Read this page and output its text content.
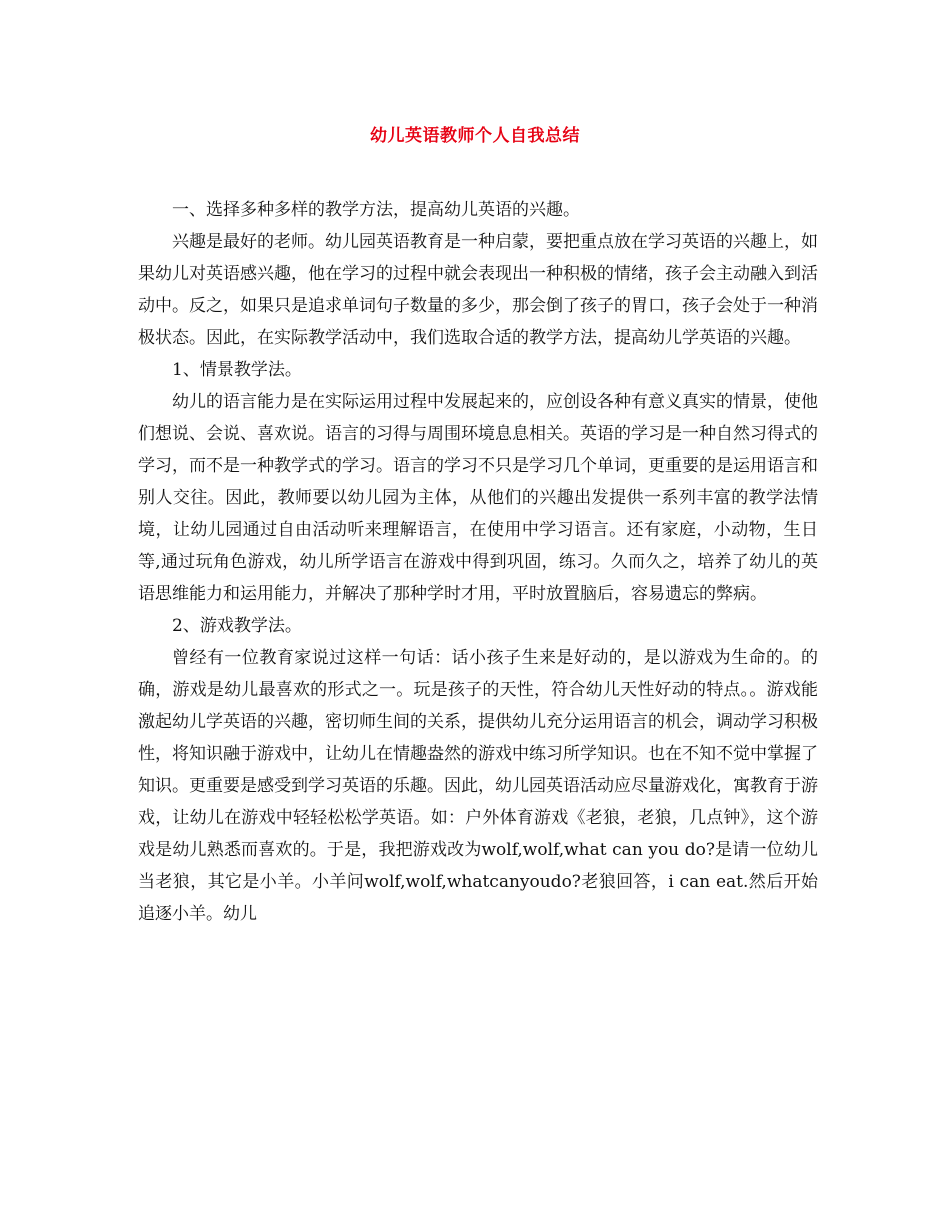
幼儿英语教师个人自我总结

一、选择多种多样的教学方法，提高幼儿英语的兴趣。

兴趣是最好的老师。幼儿园英语教育是一种启蒙，要把重点放在学习英语的兴趣上，如果幼儿对英语感兴趣，他在学习的过程中就会表现出一种积极的情绪，孩子会主动融入到活动中。反之，如果只是追求单词句子数量的多少，那会倒了孩子的胃口，孩子会处于一种消极状态。因此，在实际教学活动中，我们选取合适的教学方法，提高幼儿学英语的兴趣。

1、情景教学法。

幼儿的语言能力是在实际运用过程中发展起来的，应创设各种有意义真实的情景，使他们想说、会说、喜欢说。语言的习得与周围环境息息相关。英语的学习是一种自然习得式的学习，而不是一种教学式的学习。语言的学习不只是学习几个单词，更重要的是运用语言和别人交往。因此，教师要以幼儿园为主体，从他们的兴趣出发提供一系列丰富的教学法情境，让幼儿园通过自由活动听来理解语言，在使用中学习语言。还有家庭，小动物，生日等,通过玩角色游戏，幼儿所学语言在游戏中得到巩固，练习。久而久之，培养了幼儿的英语思维能力和运用能力，并解决了那种学时才用，平时放置脑后，容易遗忘的弊病。

2、游戏教学法。

曾经有一位教育家说过这样一句话：话小孩子生来是好动的，是以游戏为生命的。的确，游戏是幼儿最喜欢的形式之一。玩是孩子的天性，符合幼儿天性好动的特点。。游戏能激起幼儿学英语的兴趣，密切师生间的关系，提供幼儿充分运用语言的机会，调动学习积极性，将知识融于游戏中，让幼儿在情趣盎然的游戏中练习所学知识。也在不知不觉中掌握了知识。更重要是感受到学习英语的乐趣。因此，幼儿园英语活动应尽量游戏化，寓教育于游戏，让幼儿在游戏中轻轻松松学英语。如：户外体育游戏《老狼，老狼，几点钟》，这个游戏是幼儿熟悉而喜欢的。于是，我把游戏改为wolf,wolf,what can you do?是请一位幼儿当老狼，其它是小羊。小羊问wolf,wolf,whatcanyoudo?老狼回答，i can eat.然后开始追逐小羊。幼儿
